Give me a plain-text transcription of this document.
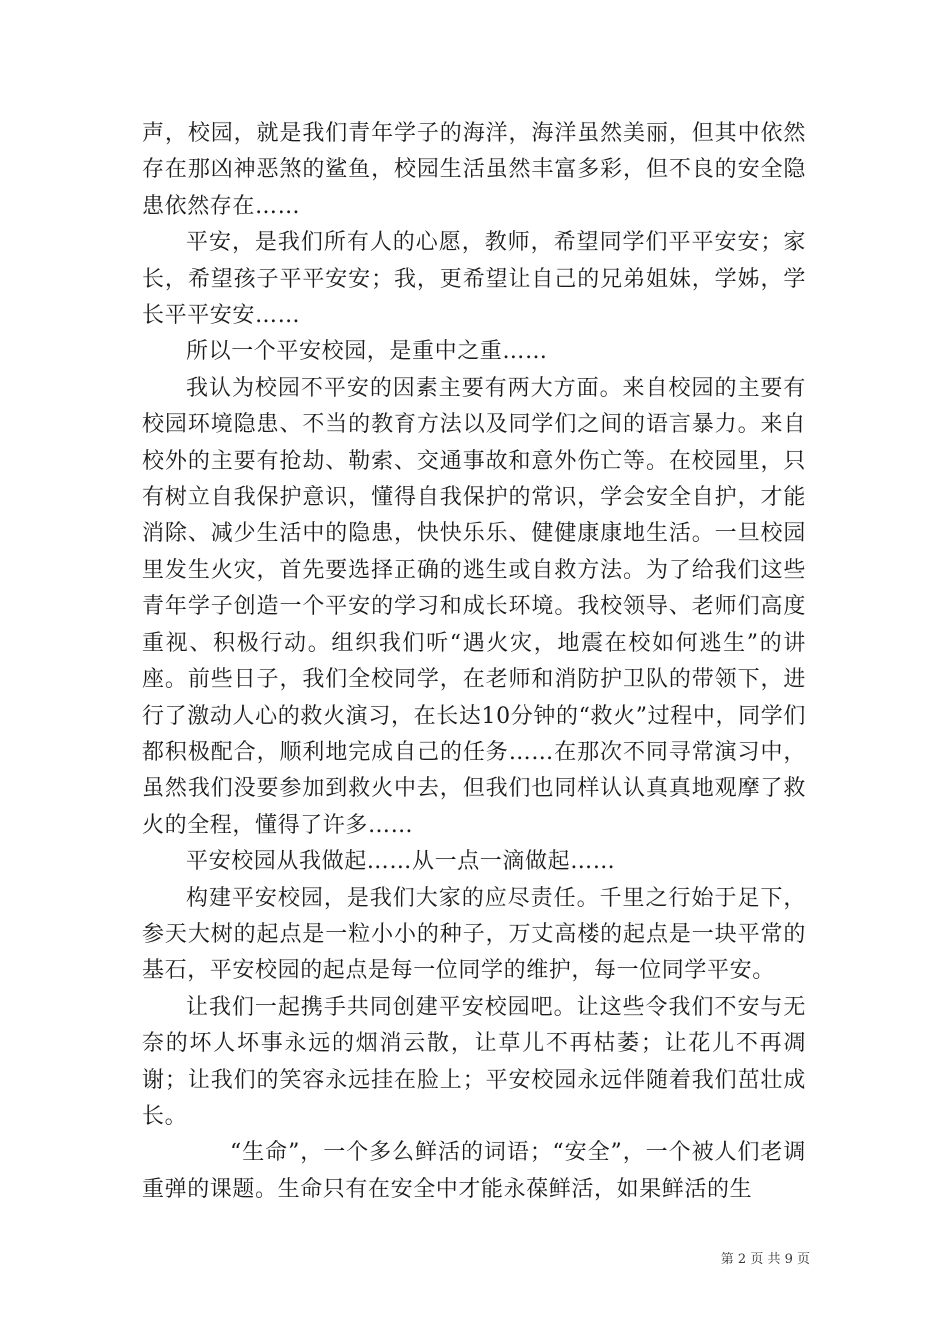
声，校园，就是我们青年学子的海洋，海洋虽然美丽，但其中依然存在那凶神恶煞的鲨鱼，校园生活虽然丰富多彩，但不良的安全隐患依然存在……

平安，是我们所有人的心愿，教师，希望同学们平平安安；家长，希望孩子平平安安；我，更希望让自己的兄弟姐妹，学姊，学长平平安安……

所以一个平安校园，是重中之重……

我认为校园不平安的因素主要有两大方面。来自校园的主要有校园环境隐患、不当的教育方法以及同学们之间的语言暴力。来自校外的主要有抢劫、勒索、交通事故和意外伤亡等。在校园里，只有树立自我保护意识，懂得自我保护的常识，学会安全自护，才能消除、减少生活中的隐患，快快乐乐、健健康康地生活。一旦校园里发生火灾，首先要选择正确的逃生或自救方法。为了给我们这些青年学子创造一个平安的学习和成长环境。我校领导、老师们高度重视、积极行动。组织我们听“遇火灾，地震在校如何逃生”的讲座。前些日子，我们全校同学，在老师和消防护卫队的带领下，进行了激动人心的救火演习，在长达10分钟的“救火”过程中，同学们都积极配合，顺利地完成自己的任务……在那次不同寻常演习中，虽然我们没要参加到救火中去，但我们也同样认认真真地观摩了救火的全程，懂得了许多……

平安校园从我做起……从一点一滴做起……

构建平安校园，是我们大家的应尽责任。千里之行始于足下，参天大树的起点是一粒小小的种子，万丈高楼的起点是一块平常的基石，平安校园的起点是每一位同学的维护，每一位同学平安。

让我们一起携手共同创建平安校园吧。让这些令我们不安与无奈的坏人坏事永远的烟消云散，让草儿不再枯萎；让花儿不再凋谢；让我们的笑容永远挂在脸上；平安校园永远伴随着我们茁壮成长。

“生命”，一个多么鲜活的词语；“安全”，一个被人们老调重弹的课题。生命只有在安全中才能永葆鲜活，如果鲜活的生

第 2 页 共 9 页
